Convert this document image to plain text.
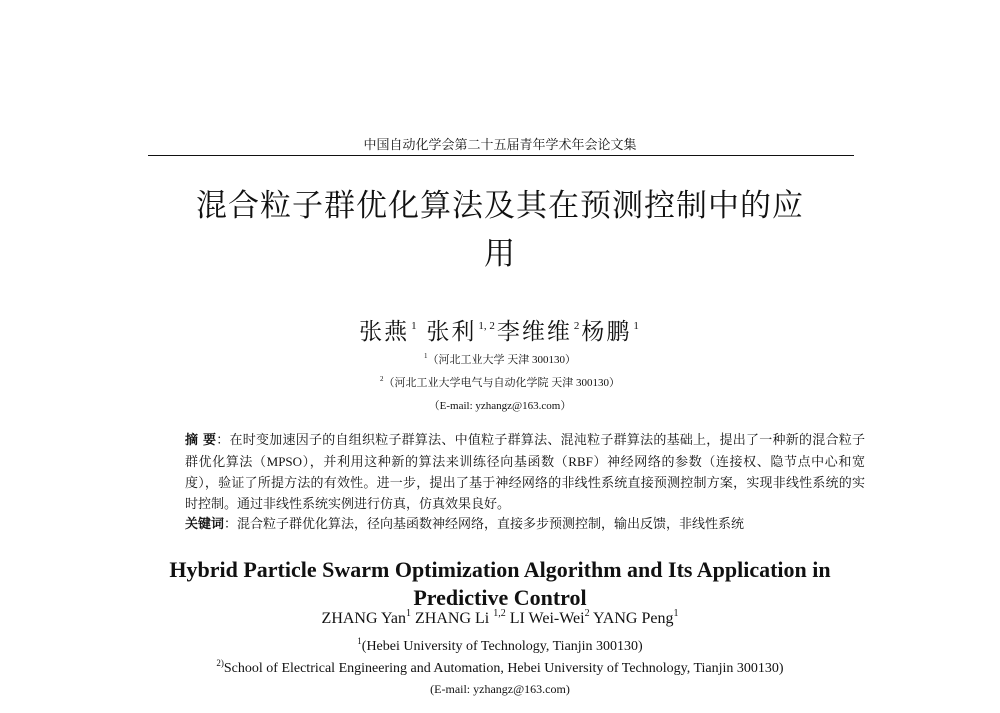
中国自动化学会第二十五届青年学术年会论文集
混合粒子群优化算法及其在预测控制中的应
用
张燕 $^1$ 张利 $^{1, 2}$李维维 $^2$杨鹏 $^1$
$^1$（河北工业大学 天津 300130）
$^2$（河北工业大学电气与自动化学院 天津 300130）
（E-mail: yzhangz@163.com）
摘 要：在时变加速因子的自组织粒子群算法、中值粒子群算法、混沌粒子群算法的基础上，提出了一种新的混合粒子群优化算法（MPSO），并利用这种新的算法来训练径向基函数（RBF）神经网络的参数（连接权、隐节点中心和宽度），验证了所提方法的有效性。进一步，提出了基于神经网络的非线性系统直接预测控制方案，实现非线性系统的实时控制。通过非线性系统实例进行仿真，仿真效果良好。
关键词：混合粒子群优化算法，径向基函数神经网络，直接多步预测控制，输出反馈，非线性系统
Hybrid Particle Swarm Optimization Algorithm and Its Application in
Predictive Control
ZHANG Yan$^1$ ZHANG Li $^{1,2}$ LI Wei-Wei$^2$ YANG Peng$^1$
$^1$(Hebei University of Technology, Tianjin 300130)
$^{2)}$School of Electrical Engineering and Automation, Hebei University of Technology, Tianjin 300130)
(E-mail: yzhangz@163.com)
